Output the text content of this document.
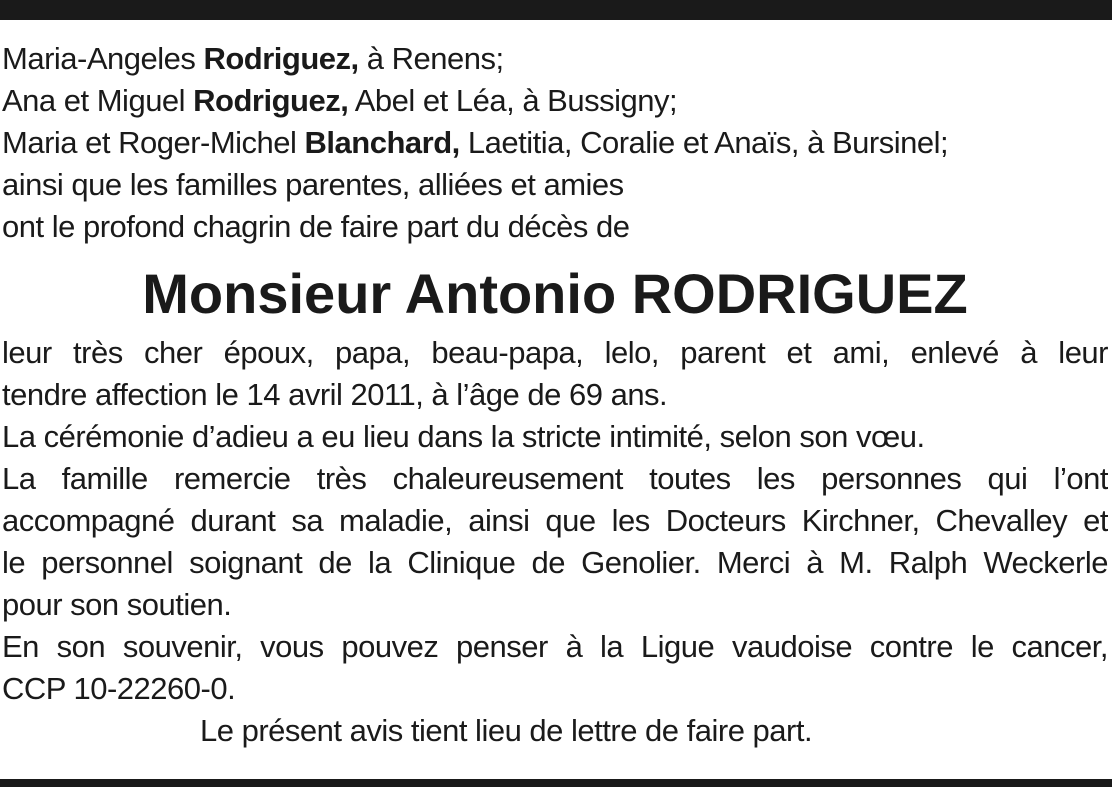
Maria-Angeles Rodriguez, à Renens;
Ana et Miguel Rodriguez, Abel et Léa, à Bussigny;
Maria et Roger-Michel Blanchard, Laetitia, Coralie et Anaïs, à Bursinel;
ainsi que les familles parentes, alliées et amies
ont le profond chagrin de faire part du décès de
Monsieur Antonio RODRIGUEZ
leur très cher époux, papa, beau-papa, lelo, parent et ami, enlevé à leur
tendre affection le 14 avril 2011, à l’âge de 69 ans.
La cérémonie d’adieu a eu lieu dans la stricte intimité, selon son vœu.
La famille remercie très chaleureusement toutes les personnes qui l’ont
accompagné durant sa maladie, ainsi que les Docteurs Kirchner, Chevalley et
le personnel soignant de la Clinique de Genolier. Merci à M. Ralph Weckerle
pour son soutien.
En son souvenir, vous pouvez penser à la Ligue vaudoise contre le cancer,
CCP 10-22260-0.
Le présent avis tient lieu de lettre de faire part.
